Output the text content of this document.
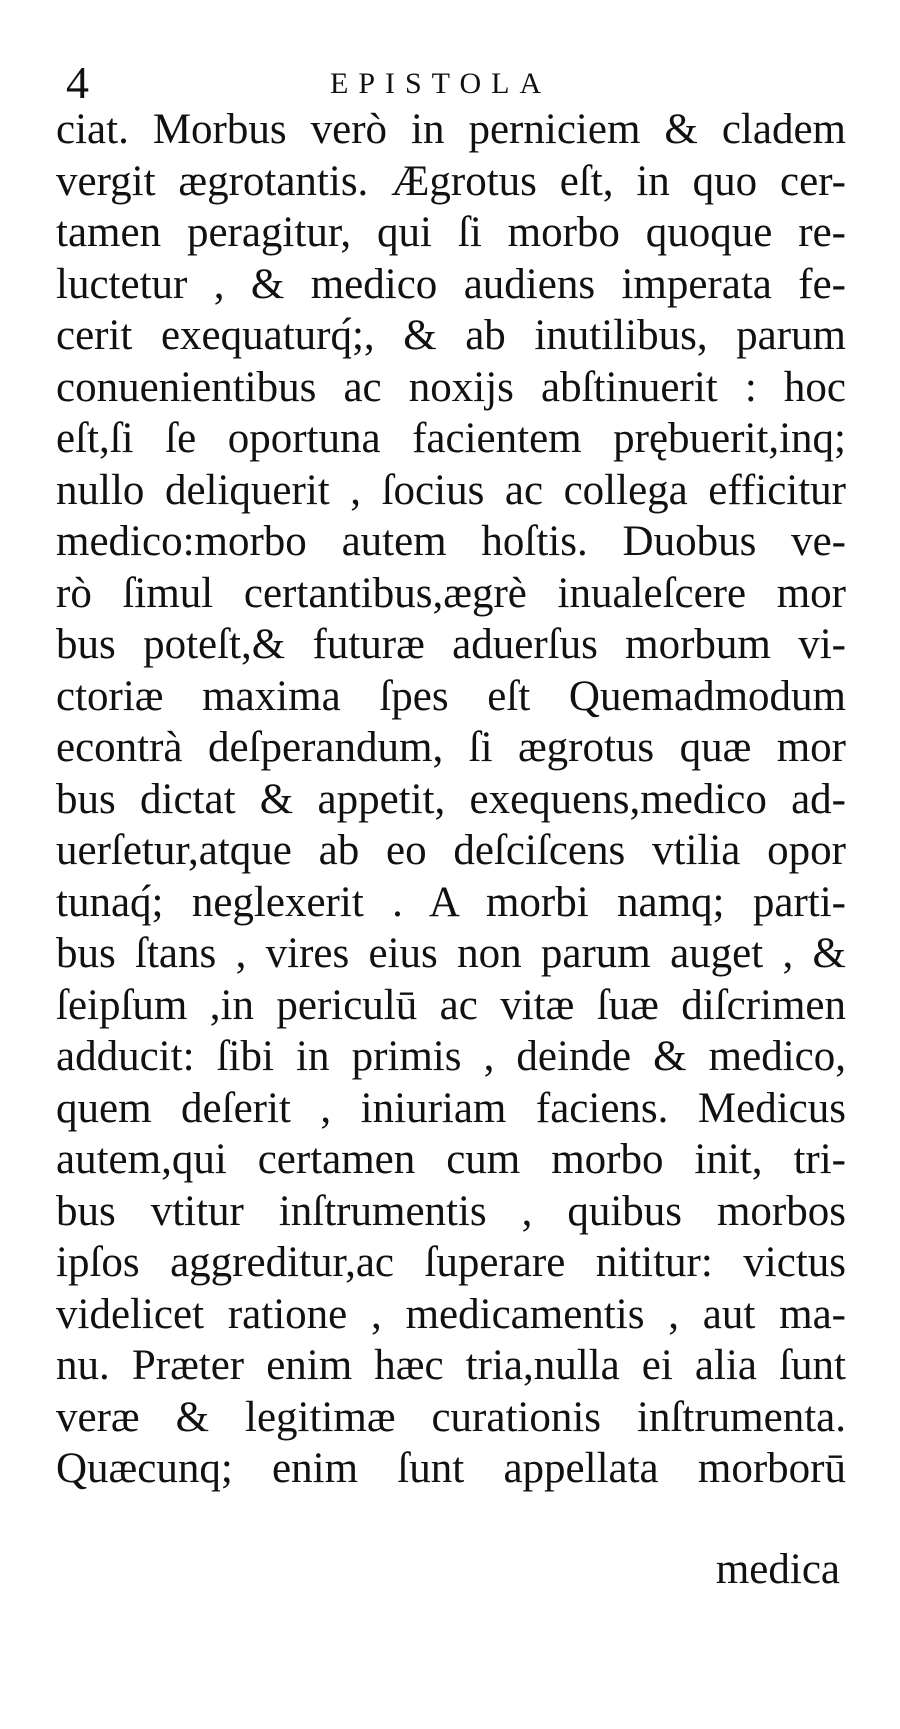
4	EPISTOLA
ciat. Morbus verò in perniciem & cladem
vergit ægrotantis. Ægrotus eſt, in quo cer-
tamen peragitur, qui ſi morbo quoque re-
luctetur , & medico audiens imperata fe-
cerit exequaturq́;, & ab inutilibus, parum
conuenientibus ac noxijs abſtinuerit : hoc
eſt,ſi ſe oportuna facientem prębuerit,inq;
nullo deliquerit , ſocius ac collega efficitur
medico:morbo autem hoſtis. Duobus ve-
rò ſimul certantibus,ægrè inualeſcere mor
bus poteſt,& futuræ aduerſus morbum vi-
ctoriæ maxima ſpes eſt Quemadmodum
econtrà deſperandum, ſi ægrotus quæ mor
bus dictat & appetit, exequens,medico ad-
uerſetur,atque ab eo deſciſcens vtilia opor
tunaq́; neglexerit . A morbi namq; parti-
bus ſtans , vires eius non parum auget , &
ſeipſum ,in periculū ac vitæ ſuæ diſcrimen
adducit: ſibi in primis , deinde & medico,
quem deſerit , iniuriam faciens. Medicus
autem,qui certamen cum morbo init, tri-
bus vtitur inſtrumentis , quibus morbos
ipſos aggreditur,ac ſuperare nititur: victus
videlicet ratione , medicamentis , aut ma-
nu. Præter enim hæc tria,nulla ei alia ſunt
veræ & legitimæ curationis inſtrumenta.
Quæcunq; enim ſunt appellata morborū
medica
